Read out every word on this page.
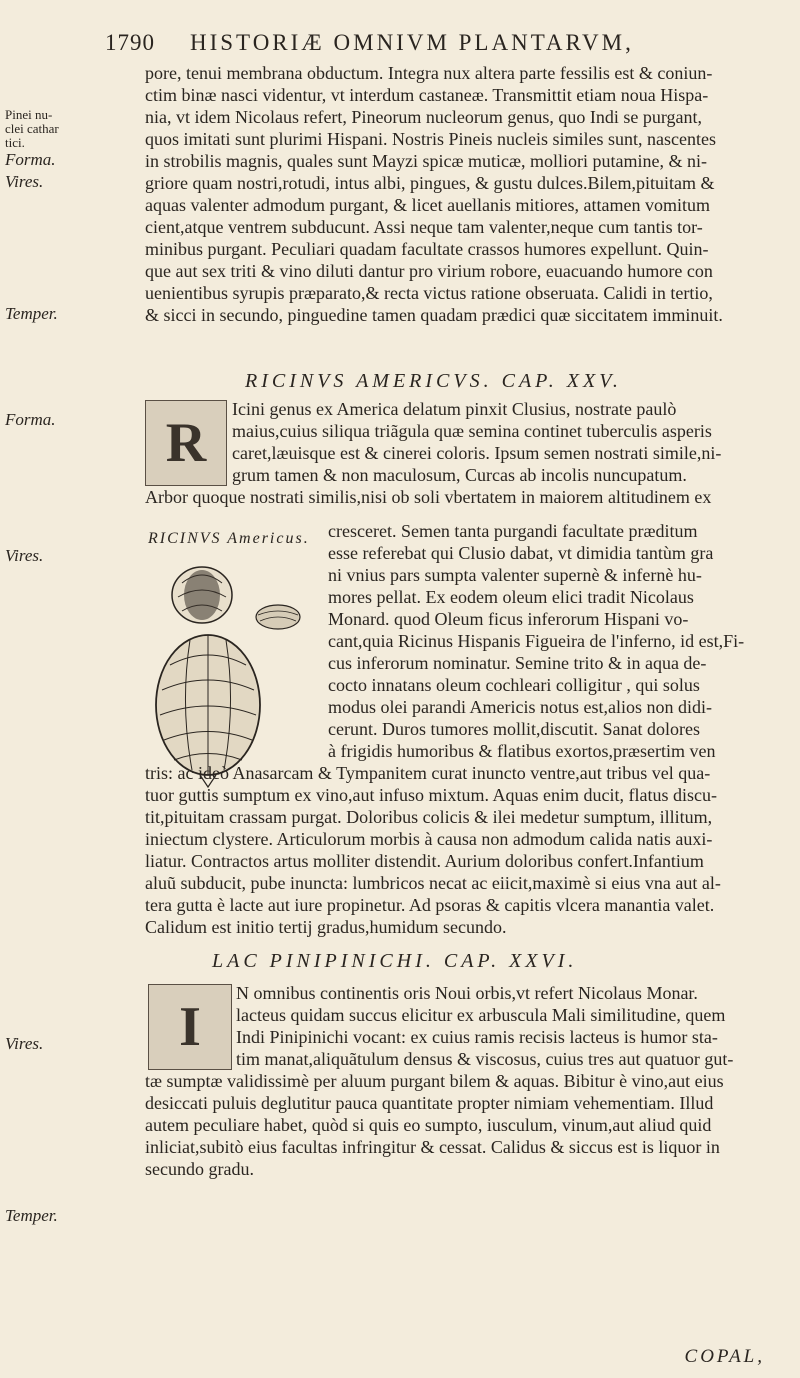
1790 HISTORIÆ OMNIVM PLANTARVM,
pore, tenui membrana obductum. Integra nux altera parte fessilis est & coniun-
ctim binæ nasci videntur, vt interdum castaneæ. Transmittit etiam noua Hispa-
nia, vt idem Nicolaus refert, Pineorum nucleorum genus, quo Indi se purgant,
quos imitati sunt plurimi Hispani. Nostris Pineis nucleis similes sunt, nascentes
in strobilis magnis, quales sunt Mayzi spicæ muticæ, molliori putamine, & ni-
griore quam nostri,rotudi, intus albi, pingues, & gustu dulces.Bilem,pituitam &
aquas valenter admodum purgant, & licet auellanis mitiores, attamen vomitum
cient,atque ventrem subducunt. Assi neque tam valenter,neque cum tantis tor-
minibus purgant. Peculiari quadam facultate crassos humores expellunt. Quin-
que aut sex triti & vino diluti dantur pro virium robore, euacuando humore con
uenientibus syrupis præparato,& recta victus ratione obseruata. Calidi in tertio,
& sicci in secundo, pinguedine tamen quadam prædici quæ siccitatem imminuit.
Pinei nu-
clei cathar
tici.
Forma.
Vires.
Temper.
RICINVS AMERICVS. CAP. XXV.
Forma.
Vires.
R
Icini genus ex America delatum pinxit Clusius, nostrate paulò
maius,cuius siliqua triãgula quæ semina continet tuberculis asperis
caret,læuisque est & cinerei coloris. Ipsum semen nostrati simile,ni-
grum tamen & non maculosum, Curcas ab incolis nuncupatum.
Arbor quoque nostrati similis,nisi ob soli vbertatem in maiorem altitudinem ex
RICINVS Americus. cresceret. Semen tanta purgandi facultate præditum
esse referebat qui Clusio dabat, vt dimidia tantùm gra
ni vnius pars sumpta valenter supernè & infernè hu-
mores pellat. Ex eodem oleum elici tradit Nicolaus
Monard. quod Oleum ficus inferorum Hispani vo-
cant,quia Ricinus Hispanis Figueira de l'inferno, id est,Fi-
cus inferorum nominatur. Semine trito & in aqua de-
cocto innatans oleum cochleari colligitur , qui solus
modus olei parandi Americis notus est,alios non didi-
cerunt. Duros tumores mollit,discutit. Sanat dolores
à frigidis humoribus & flatibus exortos,præsertim ven
tris: ac ideò Anasarcam & Tympanitem curat inuncto ventre,aut tribus vel qua-
tuor guttis sumptum ex vino,aut infuso mixtum. Aquas enim ducit, flatus discu-
tit,pituitam crassam purgat. Doloribus colicis & ilei medetur sumptum, illitum,
iniectum clystere. Articulorum morbis à causa non admodum calida natis auxi-
liatur. Contractos artus molliter distendit. Aurium doloribus confert.Infantium
aluũ subducit, pube inuncta: lumbricos necat ac eiicit,maximè si eius vna aut al-
tera gutta è lacte aut iure propinetur. Ad psoras & capitis vlcera manantia valet.
Calidum est initio tertij gradus,humidum secundo.
LAC PINIPINICHI. CAP. XXVI.
Vires.
Temper.
I
N omnibus continentis oris Noui orbis,vt refert Nicolaus Monar.
lacteus quidam succus elicitur ex arbuscula Mali similitudine, quem
Indi Pinipinichi vocant: ex cuius ramis recisis lacteus is humor sta-
tim manat,aliquãtulum densus & viscosus, cuius tres aut quatuor gut-
tæ sumptæ validissimè per aluum purgant bilem & aquas. Bibitur è vino,aut eius
desiccati puluis deglutitur pauca quantitate propter nimiam vehementiam. Illud
autem peculiare habet, quòd si quis eo sumpto, iusculum, vinum,aut aliud quid
inliciat,subitò eius facultas infringitur & cessat. Calidus & siccus est is liquor in
secundo gradu.
COPAL,
